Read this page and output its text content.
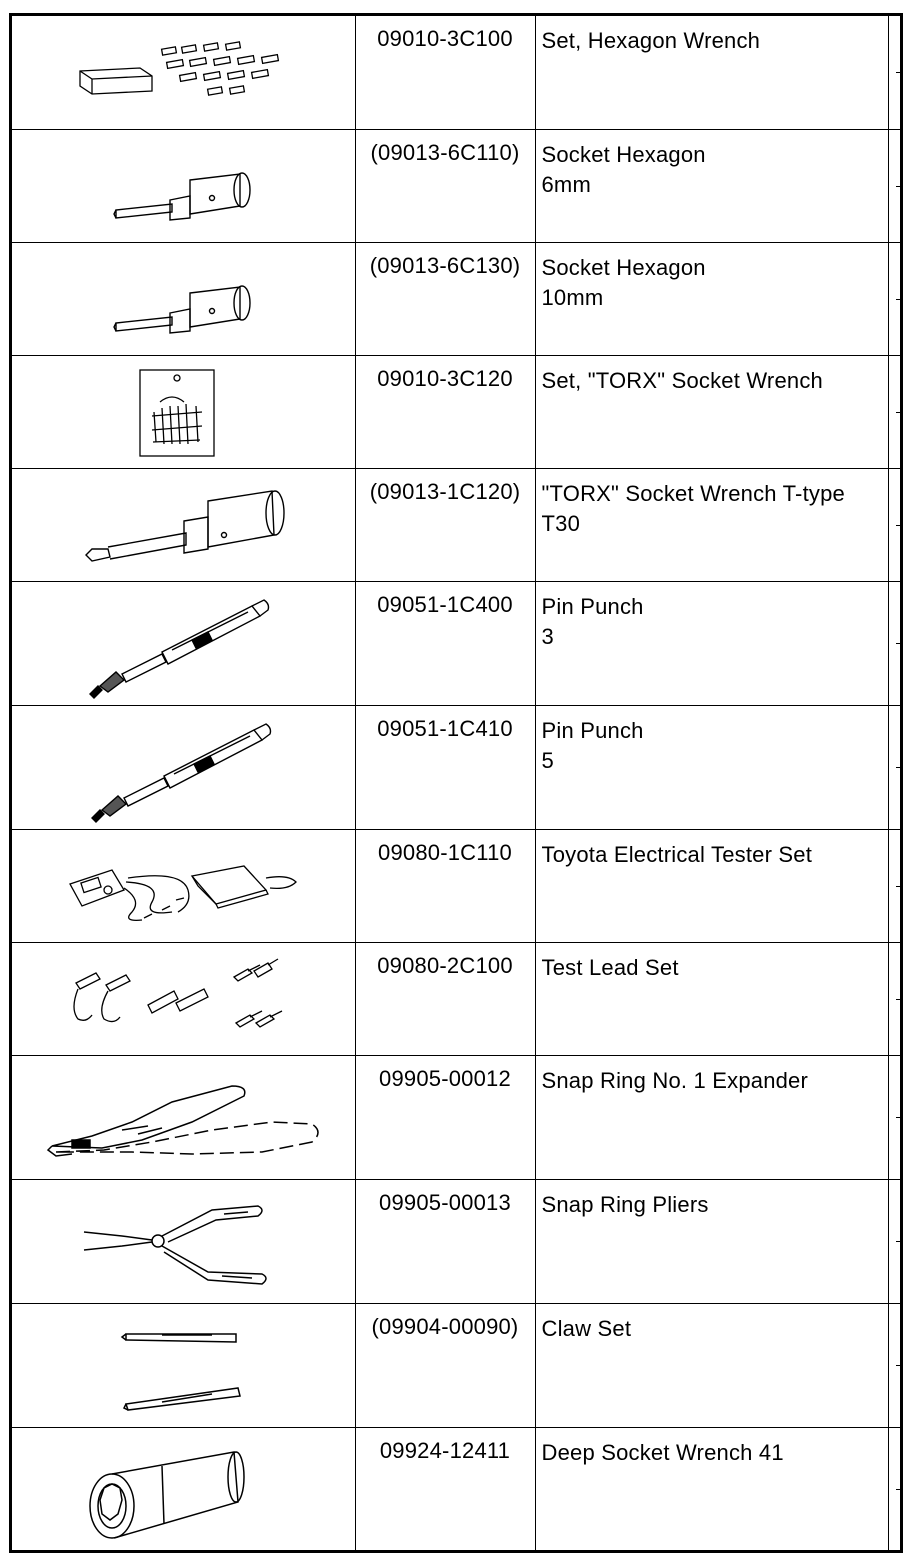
	09010-3C100	Set, Hexagon Wrench	

	(09013-6C110)	Socket Hexagon
6mm	

	(09013-6C130)	Socket Hexagon
10mm	

	09010-3C120	Set, "TORX" Socket Wrench	

	(09013-1C120)	"TORX" Socket Wrench T-type
T30	

	09051-1C400	Pin Punch
3	

	09051-1C410	Pin Punch
5	

	09080-1C110	Toyota Electrical Tester Set	

	09080-2C100	Test Lead Set	

	09905-00012	Snap Ring No. 1 Expander	

	09905-00013	Snap Ring Pliers	

	(09904-00090)	Claw Set	

	09924-12411	Deep Socket Wrench 41	
